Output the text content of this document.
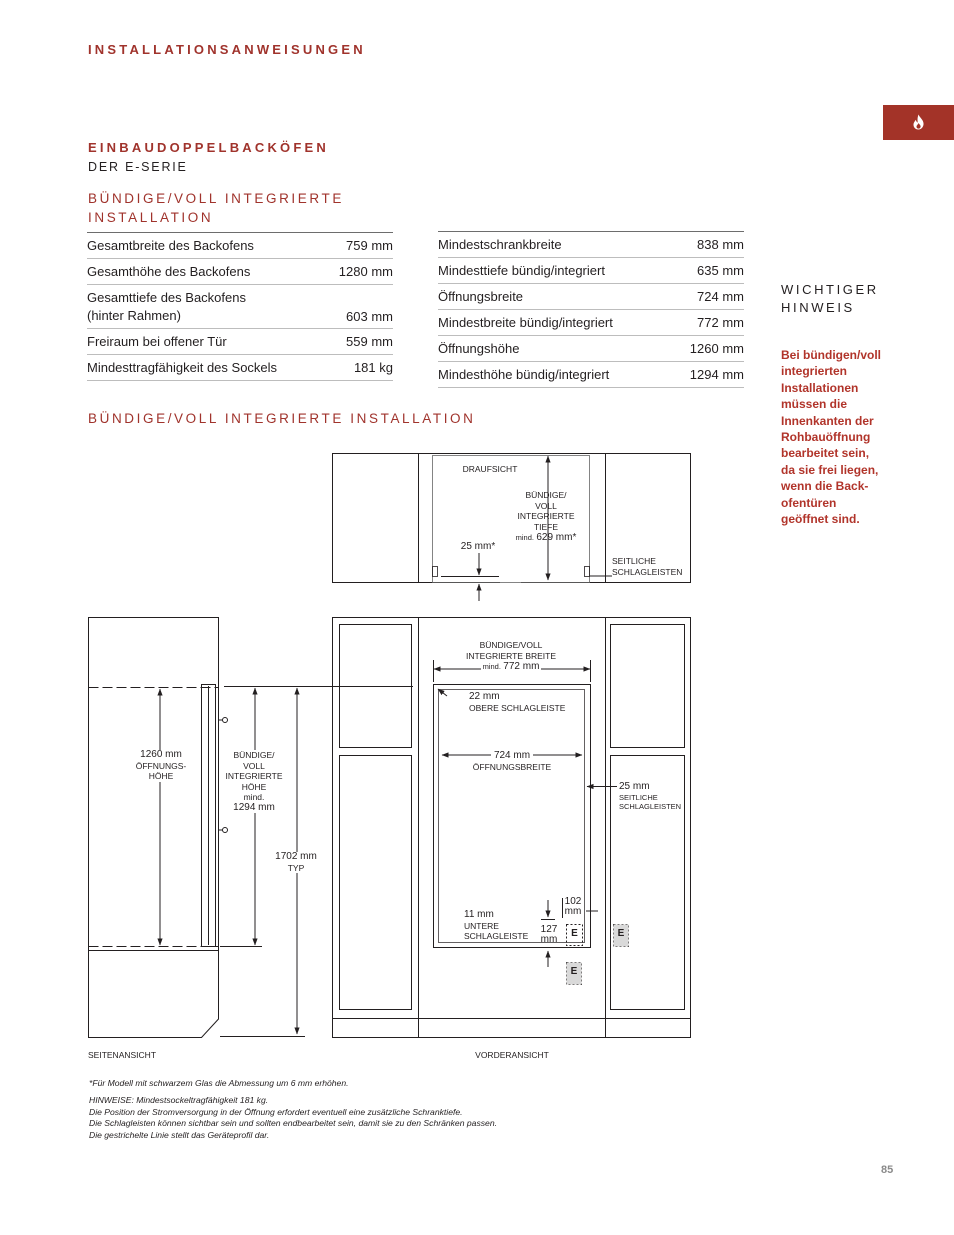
INSTALLATIONSANWEISUNGEN
EINBAUDOPPELBACKÖFEN
DER E-SERIE
BÜNDIGE/VOLL INTEGRIERTE
INSTALLATION
Gesamtbreite des Backofens	759 mm
Gesamthöhe des Backofens	1280 mm
Gesamttiefe des Backofens
(hinter Rahmen)	603 mm
Freiraum bei offener Tür	559 mm
Mindesttragfähigkeit des Sockels	181 kg
Mindestschrankbreite	838 mm
Mindesttiefe bündig/integriert	635 mm
Öffnungsbreite	724 mm
Mindestbreite bündig/integriert	772 mm
Öffnungshöhe	1260 mm
Mindesthöhe bündig/integriert	1294 mm
WICHTIGER
HINWEIS
Bei bündigen/voll
integrierten
Installationen
müssen die
Innenkanten der
Rohbauöffnung
bearbeitet sein,
da sie frei liegen,
wenn die Back-
ofentüren
geöffnet sind.
BÜNDIGE/VOLL INTEGRIERTE INSTALLATION
DRAUFSICHT
BÜNDIGE/
VOLL
INTEGRIERTE
TIEFE
mind. 629 mm*
25 mm*
SEITLICHE
SCHLAGLEISTEN
1260 mm
ÖFFNUNGS-
HÖHE
BÜNDIGE/
VOLL
INTEGRIERTE
HÖHE
mind.
1294 mm
1702 mm
TYP
SEITENANSICHT
BÜNDIGE/VOLL
INTEGRIERTE BREITE
mind. 772 mm
22 mm
OBERE SCHLAGLEISTE
724 mm
ÖFFNUNGSBREITE
25 mm
SEITLICHE
SCHLAGLEISTEN
11 mm
UNTERE
SCHLAGLEISTE
102
mm
127
mm
E	E
E
VORDERANSICHT
*Für Modell mit schwarzem Glas die Abmessung um 6 mm erhöhen.
HINWEISE: Mindestsockeltragfähigkeit 181 kg.
Die Position der Stromversorgung in der Öffnung erfordert eventuell eine zusätzliche Schranktiefe.
Die Schlagleisten können sichtbar sein und sollten endbearbeitet sein, damit sie zu den Schränken passen.
Die gestrichelte Linie stellt das Geräteprofil dar.
85
